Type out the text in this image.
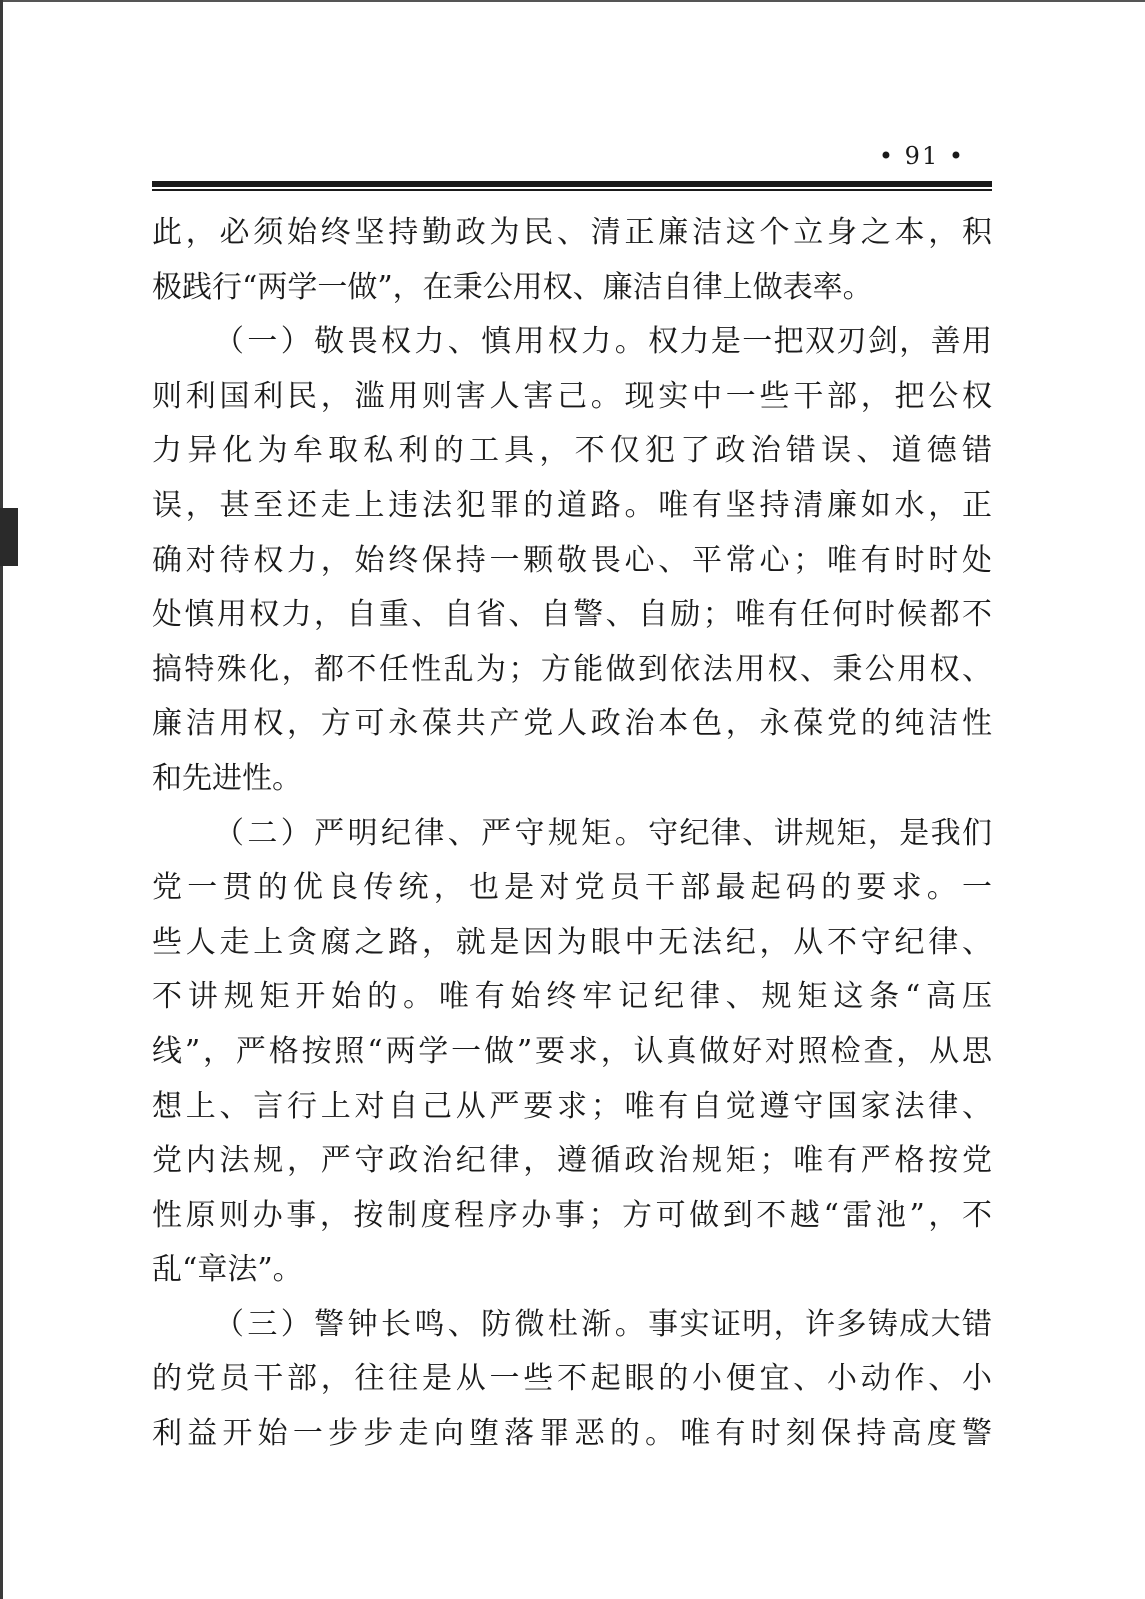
• 91 •
此，必须始终坚持勤政为民、清正廉洁这个立身之本，积
极践行“两学一做”，在秉公用权、廉洁自律上做表率。
（一）敬畏权力、慎用权力。权力是一把双刃剑，善用
则利国利民，滥用则害人害己。现实中一些干部，把公权
力异化为牟取私利的工具，不仅犯了政治错误、道德错
误，甚至还走上违法犯罪的道路。唯有坚持清廉如水，正
确对待权力，始终保持一颗敬畏心、平常心；唯有时时处
处慎用权力，自重、自省、自警、自励；唯有任何时候都不
搞特殊化，都不任性乱为；方能做到依法用权、秉公用权、
廉洁用权，方可永葆共产党人政治本色，永葆党的纯洁性
和先进性。
（二）严明纪律、严守规矩。守纪律、讲规矩，是我们
党一贯的优良传统，也是对党员干部最起码的要求。一
些人走上贪腐之路，就是因为眼中无法纪，从不守纪律、
不讲规矩开始的。唯有始终牢记纪律、规矩这条“高压
线”，严格按照“两学一做”要求，认真做好对照检查，从思
想上、言行上对自己从严要求；唯有自觉遵守国家法律、
党内法规，严守政治纪律，遵循政治规矩；唯有严格按党
性原则办事，按制度程序办事；方可做到不越“雷池”，不
乱“章法”。
（三）警钟长鸣、防微杜渐。事实证明，许多铸成大错
的党员干部，往往是从一些不起眼的小便宜、小动作、小
利益开始一步步走向堕落罪恶的。唯有时刻保持高度警
